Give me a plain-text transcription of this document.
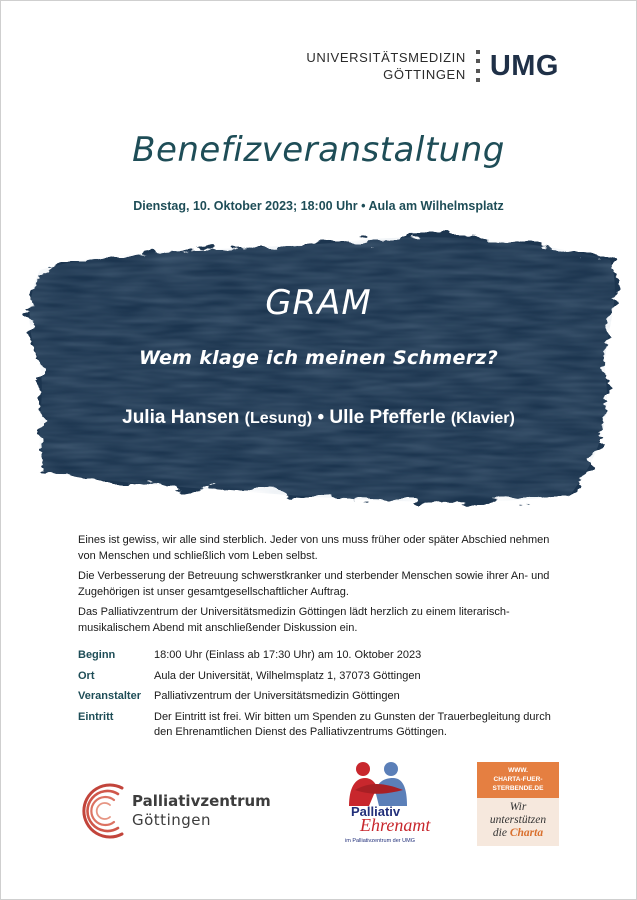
UNIVERSITÄTSMEDIZIN
GÖTTINGEN UMG
Benefizveranstaltung
Dienstag, 10. Oktober 2023; 18:00 Uhr • Aula am Wilhelmsplatz
GRAM
Wem klage ich meinen Schmerz?
Julia Hansen (Lesung) • Ulle Pfefferle (Klavier)

Eines ist gewiss, wir alle sind sterblich. Jeder von uns muss früher oder später Abschied nehmen von Menschen und schließlich vom Leben selbst.

Die Verbesserung der Betreuung schwerstkranker und sterbender Menschen sowie ihrer An- und Zugehörigen ist unser gesamtgesellschaftlicher Auftrag.

Das Palliativzentrum der Universitätsmedizin Göttingen lädt herzlich zu einem literarisch-musikalischem Abend mit anschließender Diskussion ein.

Beginn	18:00 Uhr (Einlass ab 17:30 Uhr) am 10. Oktober 2023
Ort	Aula der Universität, Wilhelmsplatz 1, 37073 Göttingen
Veranstalter	Palliativzentrum der Universitätsmedizin Göttingen
Eintritt	Der Eintritt ist frei. Wir bitten um Spenden zu Gunsten der Trauerbegleitung durch den Ehrenamtlichen Dienst des Palliativzentrums Göttingen.
Palliativzentrum
Göttingen	Palliativ
Ehrenamt
im Palliativzentrum der UMG
WWW.
CHARTA-FUER-
STERBENDE.DE
Wir
unterstützen
die Charta
